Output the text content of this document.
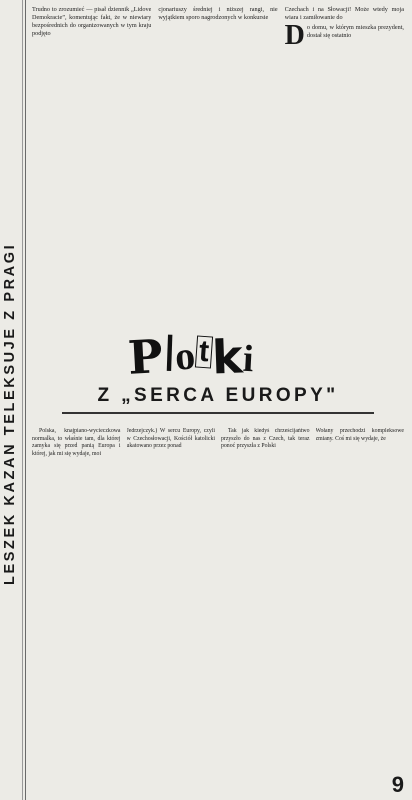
LESZEK KAZAN TELEKSUJE Z PRAGI

Trudno to zrozumieć — pisał dziennik „Lidove Demokracie”, komentując fakt, że w niewiary bezpośrednich do organizowanych w tym kraju podjęto

cjonariuszy średniej i niższej rangi, nie wyjątkiem sporo nagrodzonych w konkursie

Czechach i na Słowacji! Może wtedy moja wiara i zamiłowanie do

D o domu, w którym mieszka prezydent, dostał się ostatnio
P
l
o t k
i
Z „SERCA EUROPY"

Polska, knajpiano-wycieczkowa normalka, to właśnie tam, dla której zamyka się przed panią Europa i której, jak mi się wydaje, moi

Jedrzejczyk.) W sercu Europy, czyli w Czechosłowacji, Kościół katolicki ukatowano przez ponad

Tak jak kiedyś chrześcijańtwo przyszło do nas z Czech, tak teraz ponoć przyszła z Polski

Wołany przechodzi kompleksowe zmiany. Coś mi się wydaje, że

9
